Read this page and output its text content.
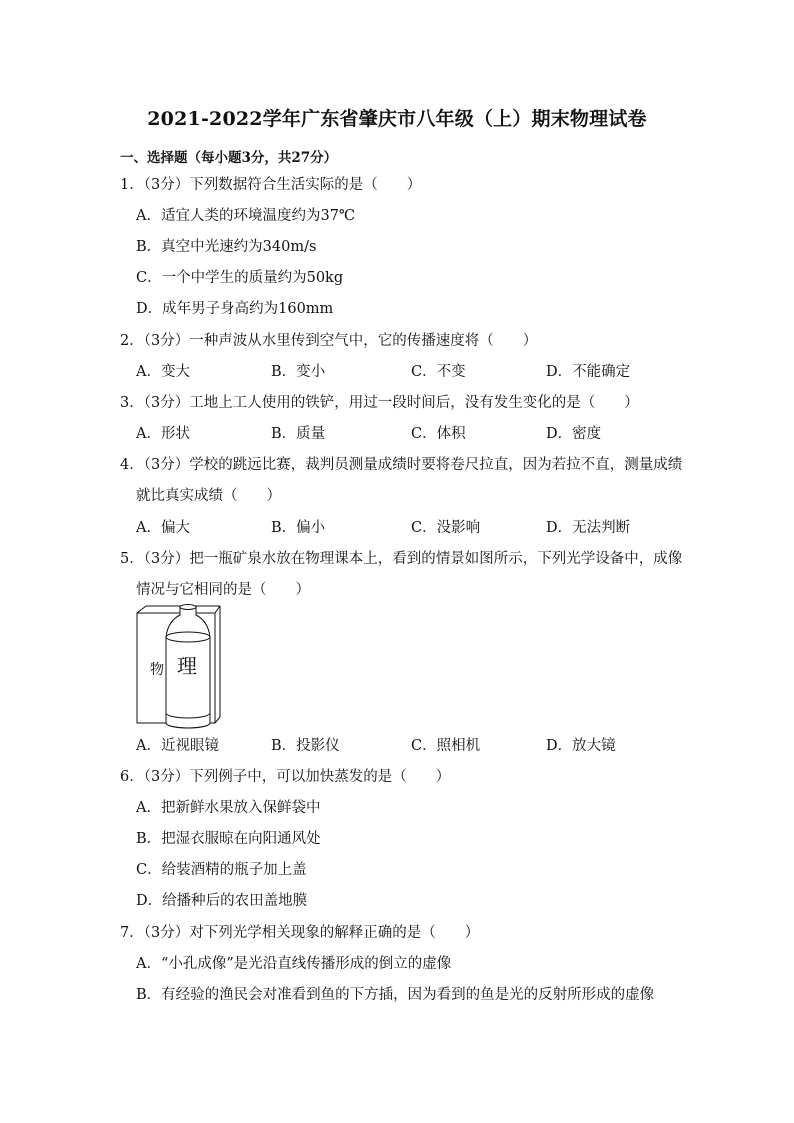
2021-2022学年广东省肇庆市八年级（上）期末物理试卷
一、选择题（每小题3分，共27分）
1．（3分）下列数据符合生活实际的是（　　）
A．适宜人类的环境温度约为37℃
B．真空中光速约为340m/s
C．一个中学生的质量约为50kg
D．成年男子身高约为160mm
2．（3分）一种声波从水里传到空气中，它的传播速度将（　　）
A．变大	B．变小	C．不变	D．不能确定
3．（3分）工地上工人使用的铁铲，用过一段时间后，没有发生变化的是（　　）
A．形状	B．质量	C．体积	D．密度
4．（3分）学校的跳远比赛，裁判员测量成绩时要将卷尺拉直，因为若拉不直，测量成绩
就比真实成绩（　　）
A．偏大	B．偏小	C．没影响	D．无法判断
5．（3分）把一瓶矿泉水放在物理课本上，看到的情景如图所示，下列光学设备中，成像
情况与它相同的是（　　）
物 理
A．近视眼镜	B．投影仪	C．照相机	D．放大镜
6．（3分）下列例子中，可以加快蒸发的是（　　）
A．把新鲜水果放入保鲜袋中
B．把湿衣服晾在向阳通风处
C．给装酒精的瓶子加上盖
D．给播种后的农田盖地膜
7．（3分）对下列光学相关现象的解释正确的是（　　）
A．“小孔成像”是光沿直线传播形成的倒立的虚像
B．有经验的渔民会对准看到鱼的下方插，因为看到的鱼是光的反射所形成的虚像
